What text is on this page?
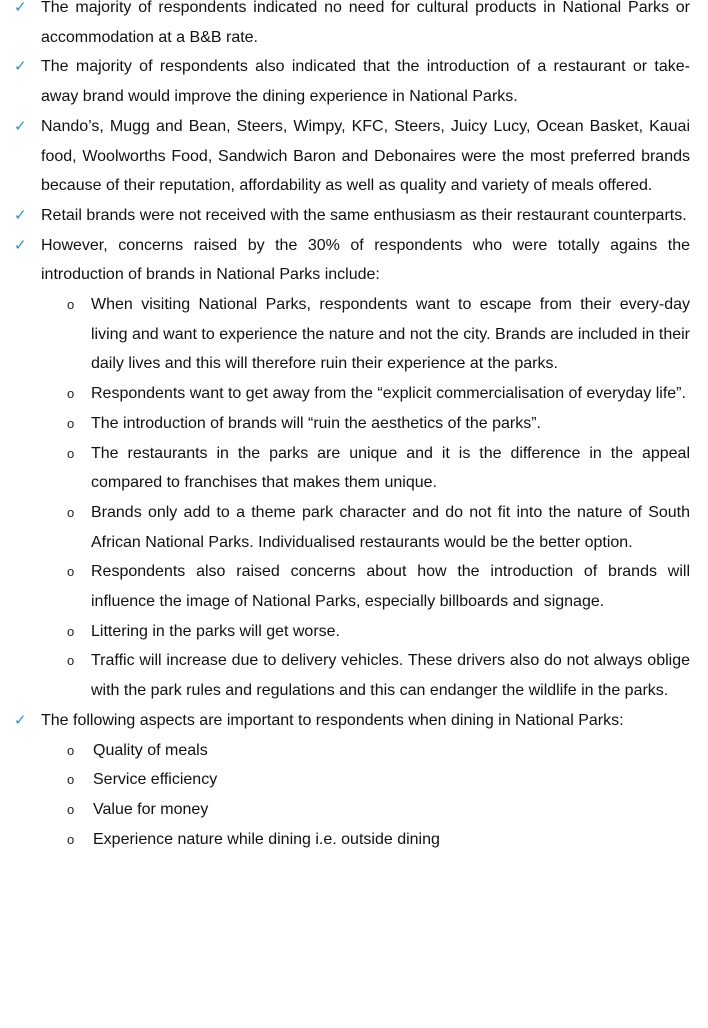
✓ The majority of respondents indicated no need for cultural products in National Parks or accommodation at a B&B rate.
✓ The majority of respondents also indicated that the introduction of a restaurant or take-away brand would improve the dining experience in National Parks.
✓ Nando’s, Mugg and Bean, Steers, Wimpy, KFC, Steers, Juicy Lucy, Ocean Basket, Kauai food, Woolworths Food, Sandwich Baron and Debonaires were the most preferred brands because of their reputation, affordability as well as quality and variety of meals offered.
✓ Retail brands were not received with the same enthusiasm as their restaurant counterparts.
✓ However, concerns raised by the 30% of respondents who were totally agains the introduction of brands in National Parks include:
o When visiting National Parks, respondents want to escape from their every-day living and want to experience the nature and not the city. Brands are included in their daily lives and this will therefore ruin their experience at the parks.
o Respondents want to get away from the “explicit commercialisation of everyday life”.
o The introduction of brands will “ruin the aesthetics of the parks”.
o The restaurants in the parks are unique and it is the difference in the appeal compared to franchises that makes them unique.
o Brands only add to a theme park character and do not fit into the nature of South African National Parks. Individualised restaurants would be the better option.
o Respondents also raised concerns about how the introduction of brands will influence the image of National Parks, especially billboards and signage.
o Littering in the parks will get worse.
o Traffic will increase due to delivery vehicles. These drivers also do not always oblige with the park rules and regulations and this can endanger the wildlife in the parks.
✓ The following aspects are important to respondents when dining in National Parks:
o Quality of meals
o Service efficiency
o Value for money
o Experience nature while dining i.e. outside dining
